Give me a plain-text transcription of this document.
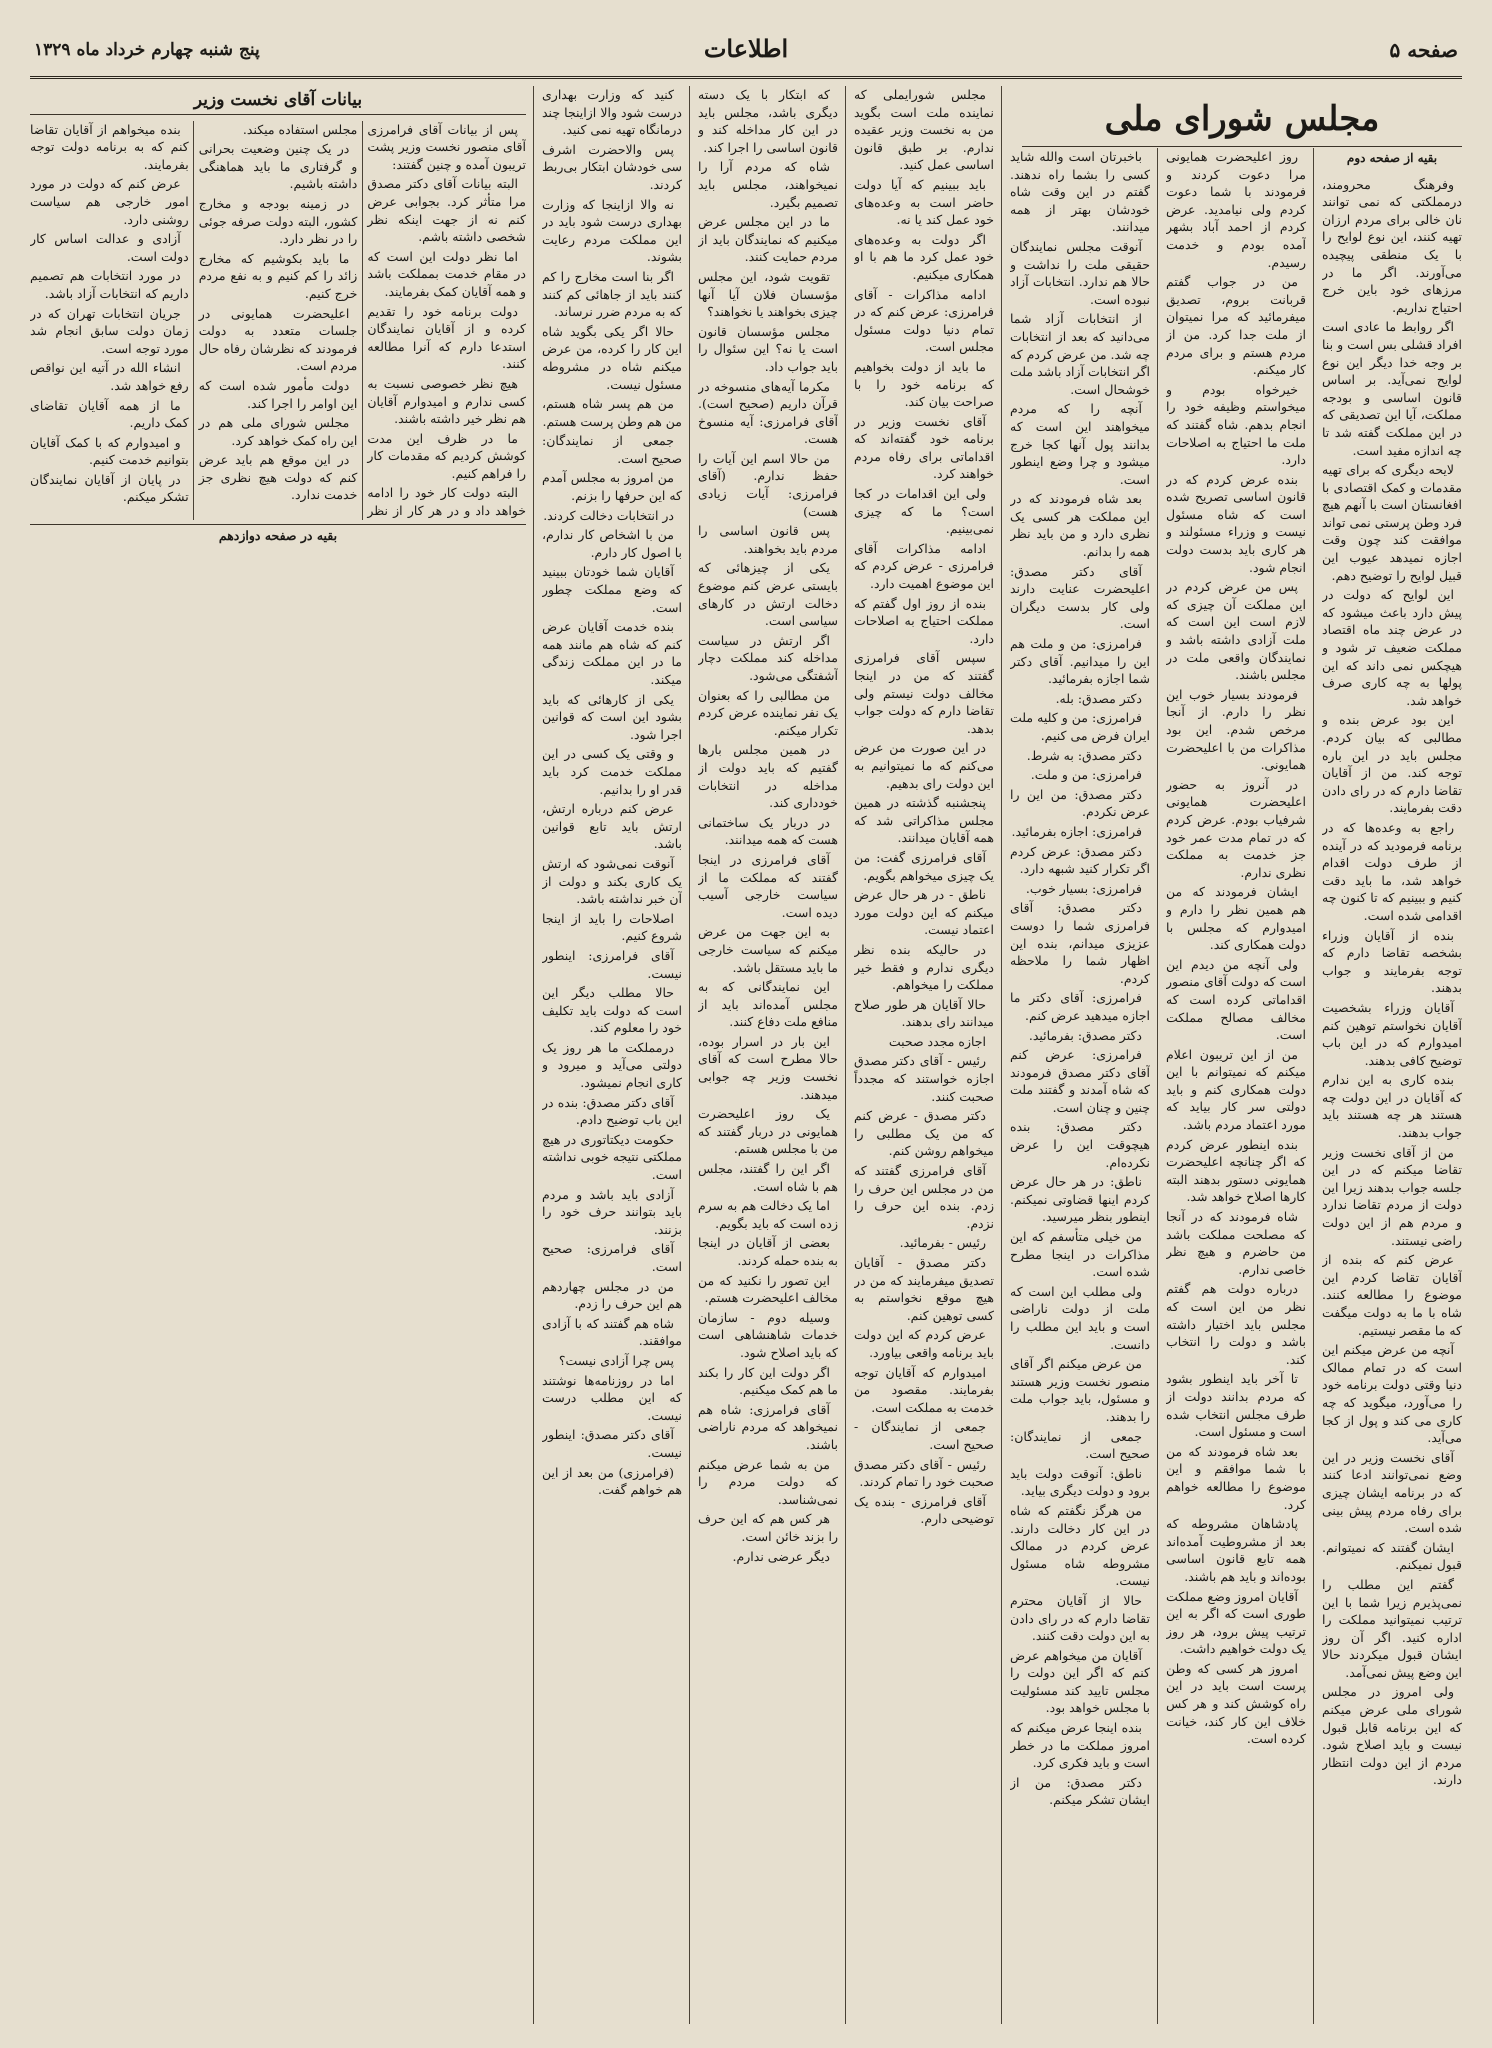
صفحه ۵
اطلاعات
پنج شنبه چهارم خرداد ماه ۱۳۲۹
مجلس شورای ملی
بقیه از صفحه دوم

وفرهنگ محرومند، درمملکتی که نمی توانند نان خالی برای مردم ارزان تهیه کنند، این نوع لوایح را با یک منطقی پیچیده می‌آورند. اگر ما در مرزهای خود باین خرج احتیاج نداریم.

اگر روابط ما عادی است افراد قشلی بس است و بنا بر وجه خدا دیگر این نوع لوایح نمی‌آید. بر اساس قانون اساسی و بودجه مملکت، آیا این تصدیقی که در این مملکت گفته شد تا چه اندازه مفید است.

لایحه دیگری که برای تهیه مقدمات و کمک اقتصادی با افغانستان است با آنهم هیچ فرد وطن پرستی نمی تواند موافقت کند چون وقت اجازه نمیدهد عیوب این قبیل لوایح را توضیح دهم.

این لوایح که دولت در پیش دارد باعث میشود که در عرض چند ماه اقتصاد مملکت ضعیف تر شود و هیچکس نمی داند که این پولها به چه کاری صرف خواهد شد.

این بود عرض بنده و مطالبی که بیان کردم. مجلس باید در این باره توجه کند. من از آقایان تقاضا دارم که در رای دادن دقت بفرمایند.

راجع به وعده‌ها که در برنامه فرمودید که در آینده از طرف دولت اقدام خواهد شد، ما باید دقت کنیم و ببینیم که تا کنون چه اقدامی شده است.

بنده از آقایان وزراء بشخصه تقاضا دارم که توجه بفرمایند و جواب بدهند.

آقایان وزراء بشخصیت آقایان نخواستم توهین کنم امیدوارم که در این باب توضیح کافی بدهند.

بنده کاری به این ندارم که آقایان در این دولت چه هستند هر چه هستند باید جواب بدهند.

من از آقای نخست وزیر تقاضا میکنم که در این جلسه جواب بدهند زیرا این دولت از مردم تقاضا ندارد و مردم هم از این دولت راضی نیستند.

عرض کنم که بنده از آقایان تقاضا کردم این موضوع را مطالعه کنند. شاه با ما به دولت میگفت که ما مقصر نیستیم.

آنچه من عرض میکنم این است که در تمام ممالک دنیا وقتی دولت برنامه خود را می‌آورد، میگوید که چه کاری می کند و پول از کجا می‌آید.

آقای نخست وزیر در این وضع نمی‌توانند ادعا کنند که در برنامه ایشان چیزی برای رفاه مردم پیش بینی شده است.

ایشان گفتند که نمیتوانم. قبول نمیکنم.

گفتم این مطلب را نمی‌پذیرم زیرا شما با این ترتیب نمیتوانید مملکت را اداره کنید. اگر آن روز ایشان قبول میکردند حالا این وضع پیش نمی‌آمد.

ولی امروز در مجلس شورای ملی عرض میکنم که این برنامه قابل قبول نیست و باید اصلاح شود. مردم از این دولت انتظار دارند.

روز اعلیحضرت همایونی مرا دعوت کردند و فرمودند با شما دعوت کردم ولی نیامدید. عرض کردم از احمد آباد بشهر آمده بودم و خدمت رسیدم.

من در جواب گفتم قربانت بروم، تصدیق میفرمائید که مرا نمیتوان از ملت جدا کرد. من از مردم هستم و برای مردم کار میکنم.

خیرخواه بودم و میخواستم وظیفه خود را انجام بدهم. شاه گفتند که ملت ما احتیاج به اصلاحات دارد.

بنده عرض کردم که در قانون اساسی تصریح شده است که شاه مسئول نیست و وزراء مسئولند و هر کاری باید بدست دولت انجام شود.

پس من عرض کردم در این مملکت آن چیزی که لازم است این است که ملت آزادی داشته باشد و نمایندگان واقعی ملت در مجلس باشند.

فرمودند بسیار خوب این نظر را دارم. از آنجا مرخص شدم. این بود مذاکرات من با اعلیحضرت همایونی.

در آنروز به حضور اعلیحضرت همایونی شرفیاب بودم. عرض کردم که در تمام مدت عمر خود جز خدمت به مملکت نظری ندارم.

ایشان فرمودند که من هم همین نظر را دارم و امیدوارم که مجلس با دولت همکاری کند.

ولی آنچه من دیدم این است که دولت آقای منصور اقداماتی کرده است که مخالف مصالح مملکت است.

من از این تریبون اعلام میکنم که نمیتوانم با این دولت همکاری کنم و باید دولتی سر کار بیاید که مورد اعتماد مردم باشد.

بنده اینطور عرض کردم که اگر چنانچه اعلیحضرت همایونی دستور بدهند البته کارها اصلاح خواهد شد.

شاه فرمودند که در آنجا که مصلحت مملکت باشد من حاضرم و هیچ نظر خاصی ندارم.

درباره دولت هم گفتم نظر من این است که مجلس باید اختیار داشته باشد و دولت را انتخاب کند.

تا آخر باید اینطور بشود که مردم بدانند دولت از طرف مجلس انتخاب شده است و مسئول است.

بعد شاه فرمودند که من با شما موافقم و این موضوع را مطالعه خواهم کرد.

پادشاهان مشروطه که بعد از مشروطیت آمده‌اند همه تابع قانون اساسی بوده‌اند و باید هم باشند.

آقایان امروز وضع مملکت طوری است که اگر به این ترتیب پیش برود، هر روز یک دولت خواهیم داشت.

امروز هر کسی که وطن پرست است باید در این راه کوشش کند و هر کس خلاف این کار کند، خیانت کرده است.

باخبرتان است والله شاید کسی را بشما راه ندهند. گفتم در این وقت شاه خودشان بهتر از همه میدانند.

آنوقت مجلس نمایندگان حقیقی ملت را نداشت و حالا هم ندارد. انتخابات آزاد نبوده است.

از انتخابات آزاد شما می‌دانید که بعد از انتخابات چه شد. من عرض کردم که اگر انتخابات آزاد باشد ملت خوشحال است.

آنچه را که مردم میخواهند این است که بدانند پول آنها کجا خرج میشود و چرا وضع اینطور است.

بعد شاه فرمودند که در این مملکت هر کسی یک نظری دارد و من باید نظر همه را بدانم.

آقای دکتر مصدق: اعلیحضرت عنایت دارند ولی کار بدست دیگران است.

فرامرزی: من و ملت هم این را میدانیم. آقای دکتر شما اجازه بفرمائید.

دکتر مصدق: بله.

فرامرزی: من و کلیه ملت ایران فرض می کنیم.

دکتر مصدق: به شرط.

فرامرزی: من و ملت.

دکتر مصدق: من این را عرض نکردم.

فرامرزی: اجازه بفرمائید.

دکتر مصدق: عرض کردم اگر تکرار کنید شبهه دارد.

فرامرزی: بسیار خوب.

دکتر مصدق: آقای فرامرزی شما را دوست عزیزی میدانم، بنده این اظهار شما را ملاحظه کردم.

فرامرزی: آقای دکتر ما اجازه میدهید عرض کنم.

دکتر مصدق: بفرمائید.

فرامرزی: عرض کنم آقای دکتر مصدق فرمودند که شاه آمدند و گفتند ملت چنین و چنان است.

دکتر مصدق: بنده هیچوقت این را عرض نکرده‌ام.

ناطق: در هر حال عرض کردم اینها قضاوتی نمیکنم. اینطور بنظر میرسید.

من خیلی متأسفم که این مذاکرات در اینجا مطرح شده است.

ولی مطلب این است که ملت از دولت ناراضی است و باید این مطلب را دانست.

من عرض میکنم اگر آقای منصور نخست وزیر هستند و مسئول، باید جواب ملت را بدهند.

جمعی از نمایندگان: صحیح است.

ناطق: آنوقت دولت باید برود و دولت دیگری بیاید.

من هرگز نگفتم که شاه در این کار دخالت دارند. عرض کردم در ممالک مشروطه شاه مسئول نیست.

حالا از آقایان محترم تقاضا دارم که در رای دادن به این دولت دقت کنند.

آقایان من میخواهم عرض کنم که اگر این دولت را مجلس تایید کند مسئولیت با مجلس خواهد بود.

بنده اینجا عرض میکنم که امروز مملکت ما در خطر است و باید فکری کرد.

دکتر مصدق: من از ایشان تشکر میکنم.

مجلس شورایملی که نماینده ملت است بگوید من به نخست وزیر عقیده ندارم. بر طبق قانون اساسی عمل کنید.

باید ببینیم که آیا دولت حاضر است به وعده‌های خود عمل کند یا نه.

اگر دولت به وعده‌های خود عمل کرد ما هم با او همکاری میکنیم.

ادامه مذاکرات - آقای فرامرزی: عرض کنم که در تمام دنیا دولت مسئول مجلس است.

ما باید از دولت بخواهیم که برنامه خود را با صراحت بیان کند.

آقای نخست وزیر در برنامه خود گفته‌اند که اقداماتی برای رفاه مردم خواهند کرد.

ولی این اقدامات در کجا است؟ ما که چیزی نمی‌بینیم.

ادامه مذاکرات آقای فرامرزی - عرض کردم که این موضوع اهمیت دارد.

بنده از روز اول گفتم که مملکت احتیاج به اصلاحات دارد.

سپس آقای فرامرزی گفتند که من در اینجا مخالف دولت نیستم ولی تقاضا دارم که دولت جواب بدهد.

در این صورت من عرض می‌کنم که ما نمیتوانیم به این دولت رای بدهیم.

پنجشنبه گذشته در همین مجلس مذاکراتی شد که همه آقایان میدانند.

آقای فرامرزی گفت: من یک چیزی میخواهم بگویم.

ناطق - در هر حال عرض میکنم که این دولت مورد اعتماد نیست.

در حالیکه بنده نظر دیگری ندارم و فقط خیر مملکت را میخواهم.

حالا آقایان هر طور صلاح میدانند رای بدهند.

اجازه مجدد صحبت

رئیس - آقای دکتر مصدق اجازه خواستند که مجدداً صحبت کنند.

دکتر مصدق - عرض کنم که من یک مطلبی را میخواهم روشن کنم.

آقای فرامرزی گفتند که من در مجلس این حرف را زدم. بنده این حرف را نزدم.

رئیس - بفرمائید.

دکتر مصدق - آقایان تصدیق میفرمایند که من در هیچ موقع نخواستم به کسی توهین کنم.

عرض کردم که این دولت باید برنامه واقعی بیاورد.

امیدوارم که آقایان توجه بفرمایند. مقصود من خدمت به مملکت است.

جمعی از نمایندگان - صحیح است.

رئیس - آقای دکتر مصدق صحبت خود را تمام کردند.

آقای فرامرزی - بنده یک توضیحی دارم.

که ابتکار با یک دسته دیگری باشد، مجلس باید در این کار مداخله کند و قانون اساسی را اجرا کند.

شاه که مردم آرا را نمیخواهند، مجلس باید تصمیم بگیرد.

ما در این مجلس عرض میکنیم که نمایندگان باید از مردم حمایت کنند.

تقویت شود، این مجلس مؤسسان فلان آیا آنها چیزی بخواهند یا نخواهند؟

مجلس مؤسسان قانون است یا نه؟ این سئوال را باید جواب داد.

مکرما آیه‌های منسوخه در قرآن داریم (صحیح است). آقای فرامرزی: آیه منسوخ هست.

من حالا اسم این آیات را حفظ ندارم. (آقای فرامرزی: آیات زیادی هست)

پس قانون اساسی را مردم باید بخواهند.

یکی از چیزهائی که بایستی عرض کنم موضوع دخالت ارتش در کارهای سیاسی است.

اگر ارتش در سیاست مداخله کند مملکت دچار آشفتگی می‌شود.

من مطالبی را که بعنوان یک نفر نماینده عرض کردم تکرار میکنم.

در همین مجلس بارها گفتیم که باید دولت از مداخله در انتخابات خودداری کند.

در دربار یک ساختمانی هست که همه میدانند.

آقای فرامرزی در اینجا گفتند که مملکت ما از سیاست خارجی آسیب دیده است.

به این جهت من عرض میکنم که سیاست خارجی ما باید مستقل باشد.

این نمایندگانی که به مجلس آمده‌اند باید از منافع ملت دفاع کنند.

این بار در اسرار بوده، حالا مطرح است که آقای نخست وزیر چه جوابی میدهند.

یک روز اعلیحضرت همایونی در دربار گفتند که من با مجلس هستم.

اگر این را گفتند، مجلس هم با شاه است.

اما یک دخالت هم به سرم زده است که باید بگویم.

بعضی از آقایان در اینجا به بنده حمله کردند.

این تصور را نکنید که من مخالف اعلیحضرت هستم.

وسیله دوم - سازمان خدمات شاهنشاهی است که باید اصلاح شود.

اگر دولت این کار را بکند ما هم کمک میکنیم.

آقای فرامرزی: شاه هم نمیخواهد که مردم ناراضی باشند.

من به شما عرض میکنم که دولت مردم را نمی‌شناسد.

هر کس هم که این حرف را بزند خائن است.

دیگر عرضی ندارم.

کنید که وزارت بهداری درست شود والا ازاینجا چند درمانگاه تهیه نمی کنید.

پس والاحضرت اشرف سی خودشان ابتکار بی‌ربط کردند.

نه والا ازاینجا که وزارت بهداری درست شود باید در این مملکت مردم رعایت بشوند.

اگر بنا است مخارج را کم کنند باید از جاهائی کم کنند که به مردم ضرر نرساند.

حالا اگر یکی بگوید شاه این کار را کرده، من عرض میکنم شاه در مشروطه مسئول نیست.

من هم پسر شاه هستم، من هم وطن پرست هستم.

جمعی از نمایندگان: صحیح است.

من امروز به مجلس آمدم که این حرفها را بزنم.

در انتخابات دخالت کردند.

من با اشخاص کار ندارم، با اصول کار دارم.

آقایان شما خودتان ببینید که وضع مملکت چطور است.

بنده خدمت آقایان عرض کنم که شاه هم مانند همه ما در این مملکت زندگی میکند.

یکی از کارهائی که باید بشود این است که قوانین اجرا شود.

و وقتی یک کسی در این مملکت خدمت کرد باید قدر او را بدانیم.

عرض کنم درباره ارتش، ارتش باید تابع قوانین باشد.

آنوقت نمی‌شود که ارتش یک کاری بکند و دولت از آن خبر نداشته باشد.

اصلاحات را باید از اینجا شروع کنیم.

آقای فرامرزی: اینطور نیست.

حالا مطلب دیگر این است که دولت باید تکلیف خود را معلوم کند.

درمملکت ما هر روز یک دولتی می‌آید و میرود و کاری انجام نمیشود.

آقای دکتر مصدق: بنده در این باب توضیح دادم.

حکومت دیکتاتوری در هیچ مملکتی نتیجه خوبی نداشته است.

آزادی باید باشد و مردم باید بتوانند حرف خود را بزنند.

آقای فرامرزی: صحیح است.

من در مجلس چهاردهم هم این حرف را زدم.

شاه هم گفتند که با آزادی موافقند.

پس چرا آزادی نیست؟

اما در روزنامه‌ها نوشتند که این مطلب درست نیست.

آقای دکتر مصدق: اینطور نیست.

(فرامرزی) من بعد از این هم خواهم گفت.

بیانات آقای نخست وزیر

پس از بیانات آقای فرامرزی آقای منصور نخست وزیر پشت تریبون آمده و چنین گفتند:

البته بیانات آقای دکتر مصدق مرا متأثر کرد. بجوابی عرض کنم نه از جهت اینکه نظر شخصی داشته باشم.

اما نظر دولت این است که در مقام خدمت بمملکت باشد و همه آقایان کمک بفرمایند.

دولت برنامه خود را تقدیم کرده و از آقایان نمایندگان استدعا دارم که آنرا مطالعه کنند.

هیچ نظر خصوصی نسبت به کسی ندارم و امیدوارم آقایان هم نظر خیر داشته باشند.

ما در ظرف این مدت کوشش کردیم که مقدمات کار را فراهم کنیم.

البته دولت کار خود را ادامه خواهد داد و در هر کار از نظر مجلس استفاده میکند.

در یک چنین وضعیت بحرانی و گرفتاری ما باید هماهنگی داشته باشیم.

در زمینه بودجه و مخارج کشور، البته دولت صرفه جوئی را در نظر دارد.

ما باید بکوشیم که مخارج زائد را کم کنیم و به نفع مردم خرج کنیم.

اعلیحضرت همایونی در جلسات متعدد به دولت فرمودند که نظرشان رفاه حال مردم است.

دولت مأمور شده است که این اوامر را اجرا کند.

مجلس شورای ملی هم در این راه کمک خواهد کرد.

در این موقع هم باید عرض کنم که دولت هیچ نظری جز خدمت ندارد.

بنده میخواهم از آقایان تقاضا کنم که به برنامه دولت توجه بفرمایند.

عرض کنم که دولت در مورد امور خارجی هم سیاست روشنی دارد.

آزادی و عدالت اساس کار دولت است.

در مورد انتخابات هم تصمیم داریم که انتخابات آزاد باشد.

جریان انتخابات تهران که در زمان دولت سابق انجام شد مورد توجه است.

انشاء الله در آتیه این نواقص رفع خواهد شد.

ما از همه آقایان تقاضای کمک داریم.

و امیدوارم که با کمک آقایان بتوانیم خدمت کنیم.

در پایان از آقایان نمایندگان تشکر میکنم.

بقیه در صفحه دوازدهم
